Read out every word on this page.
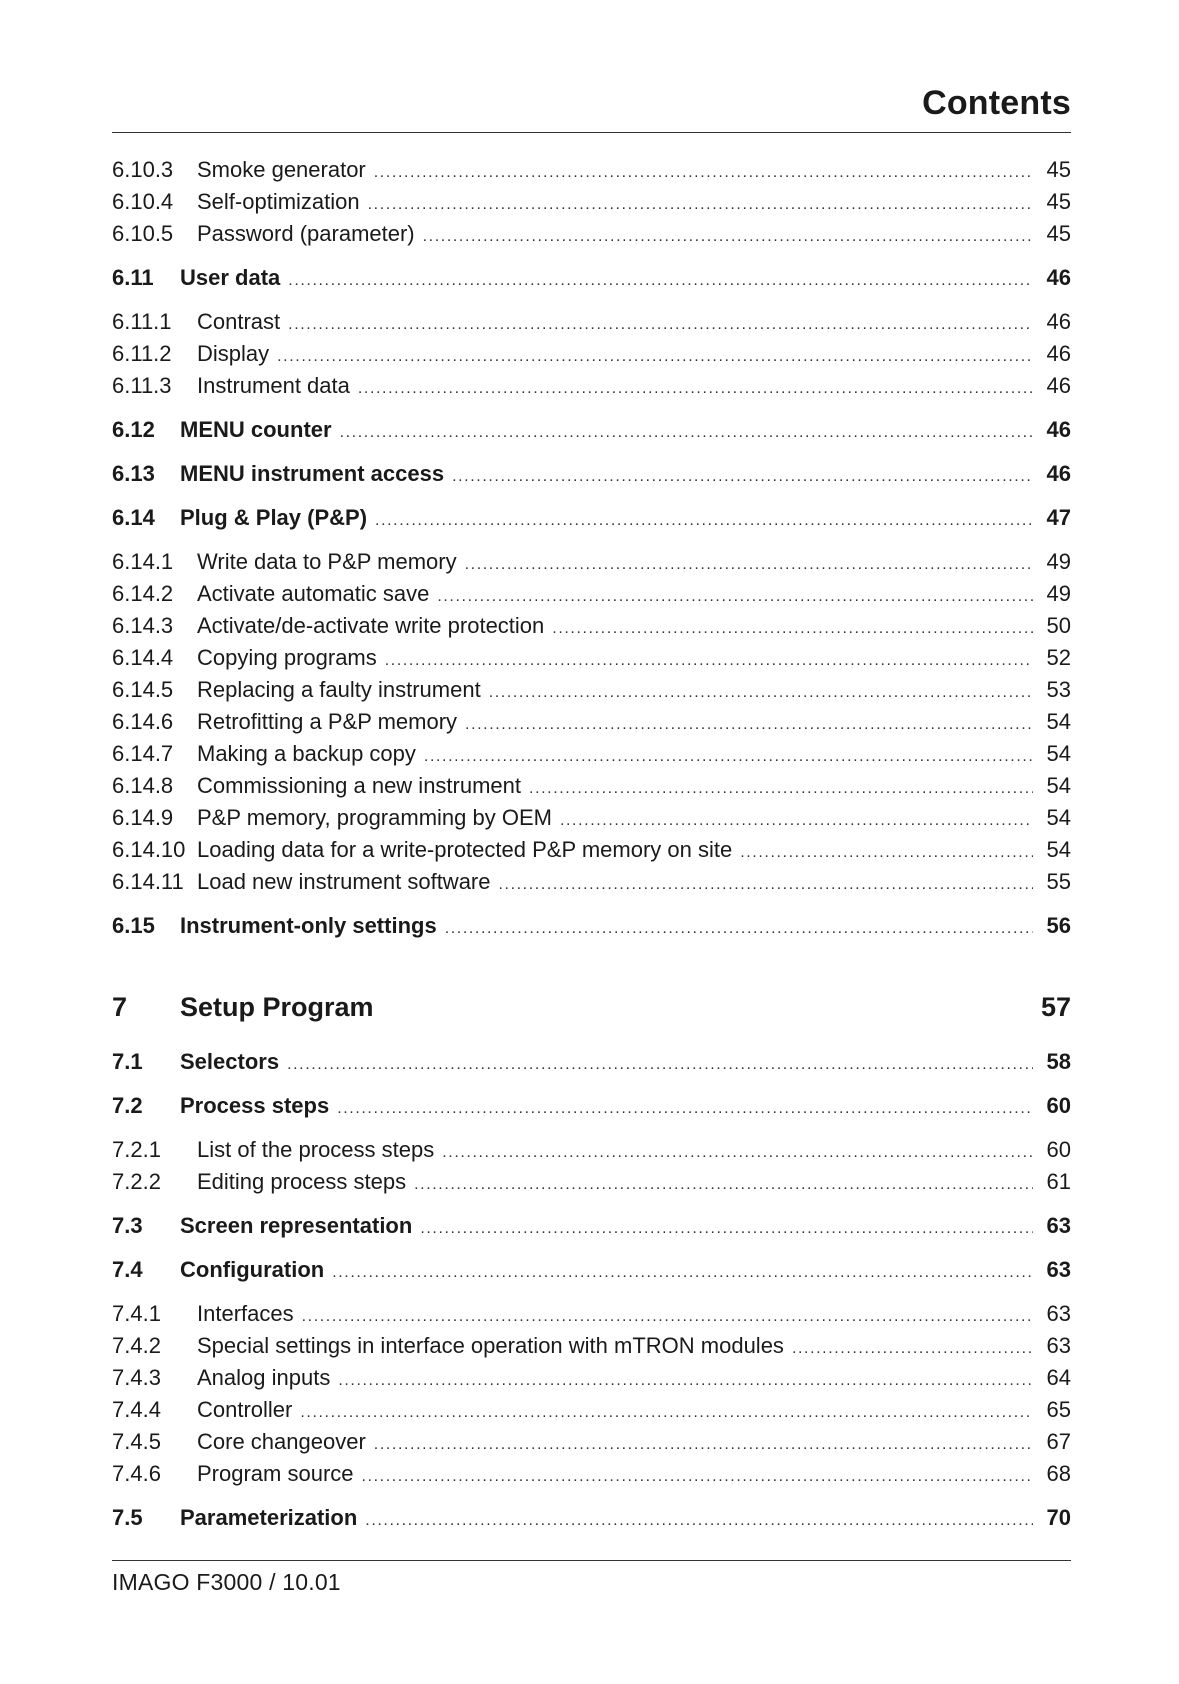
Contents
6.10.3	Smoke generator .....	45
6.10.4	Self-optimization .....	45
6.10.5	Password (parameter) .....	45
6.11	User data .....	46
6.11.1	Contrast .....	46
6.11.2	Display .....	46
6.11.3	Instrument data .....	46
6.12	MENU counter .....	46
6.13	MENU instrument access .....	46
6.14	Plug & Play (P&P) .....	47
6.14.1	Write data to P&P memory .....	49
6.14.2	Activate automatic save .....	49
6.14.3	Activate/de-activate write protection .....	50
6.14.4	Copying programs .....	52
6.14.5	Replacing a faulty instrument .....	53
6.14.6	Retrofitting a P&P memory .....	54
6.14.7	Making a backup copy .....	54
6.14.8	Commissioning a new instrument .....	54
6.14.9	P&P memory, programming by OEM .....	54
6.14.10 Loading data for a write-protected P&P memory on site .....	54
6.14.11 Load new instrument software .....	55
6.15	Instrument-only settings .....	56
7	Setup Program	57
7.1	Selectors .....	58
7.2	Process steps .....	60
7.2.1	List of the process steps .....	60
7.2.2	Editing process steps .....	61
7.3	Screen representation .....	63
7.4	Configuration .....	63
7.4.1	Interfaces .....	63
7.4.2	Special settings in interface operation with mTRON modules .....	63
7.4.3	Analog inputs .....	64
7.4.4	Controller .....	65
7.4.5	Core changeover .....	67
7.4.6	Program source .....	68
7.5	Parameterization .....	70
IMAGO F3000 / 10.01
